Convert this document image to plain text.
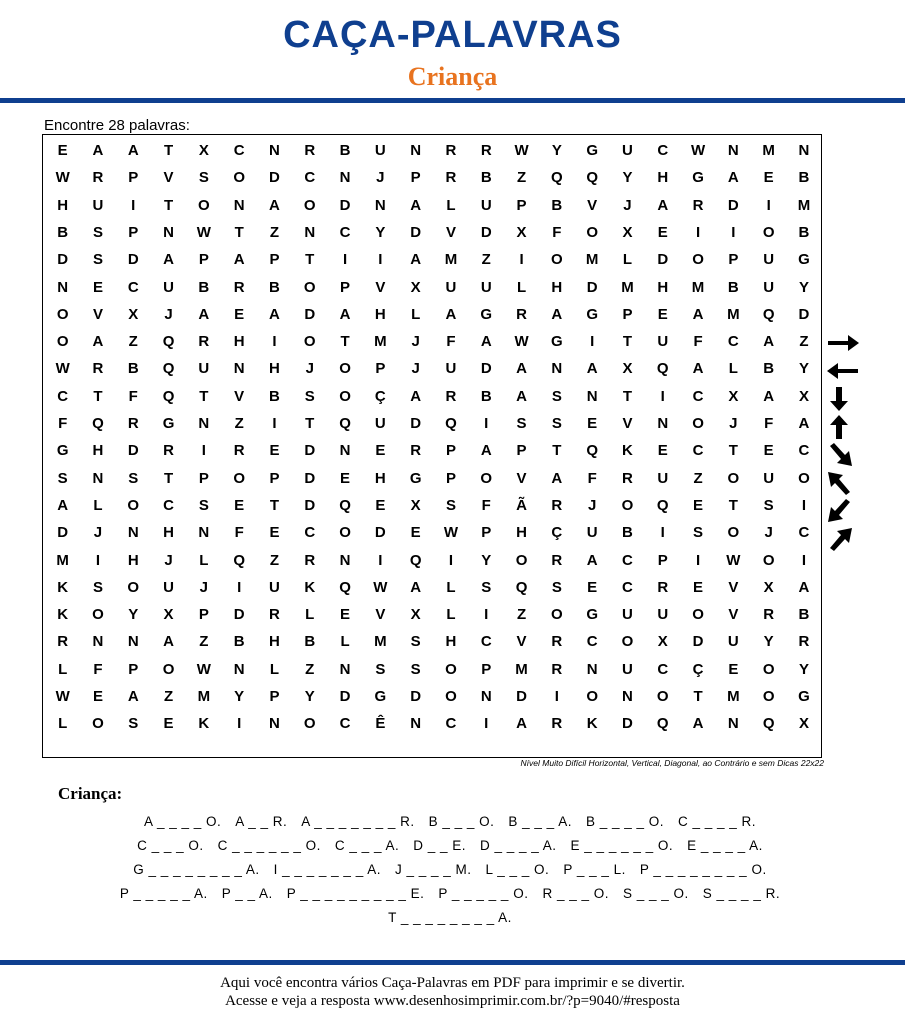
CAÇA-PALAVRAS
Criança
Encontre 28 palavras:
E	A	A	T	X	C	N	R	B	U	N	R	R	W	Y	G	U	C	W	N	M	N
W	R	P	V	S	O	D	C	N	J	P	R	B	Z	Q	Q	Y	H	G	A	E	B
H	U	I	T	O	N	A	O	D	N	A	L	U	P	B	V	J	A	R	D	I	M
B	S	P	N	W	T	Z	N	C	Y	D	V	D	X	F	O	X	E	I	I	O	B
D	S	D	A	P	A	P	T	I	I	A	M	Z	I	O	M	L	D	O	P	U	G
N	E	C	U	B	R	B	O	P	V	X	U	U	L	H	D	M	H	M	B	U	Y
O	V	X	J	A	E	A	D	A	H	L	A	G	R	A	G	P	E	A	M	Q	D
O	A	Z	Q	R	H	I	O	T	M	J	F	A	W	G	I	T	U	F	C	A	Z
W	R	B	Q	U	N	H	J	O	P	J	U	D	A	N	A	X	Q	A	L	B	Y
C	T	F	Q	T	V	B	S	O	Ç	A	R	B	A	S	N	T	I	C	X	A	X
F	Q	R	G	N	Z	I	T	Q	U	D	Q	I	S	S	E	V	N	O	J	F	A
G	H	D	R	I	R	E	D	N	E	R	P	A	P	T	Q	K	E	C	T	E	C
S	N	S	T	P	O	P	D	E	H	G	P	O	V	A	F	R	U	Z	O	U	O
A	L	O	C	S	E	T	D	Q	E	X	S	F	Ã	R	J	O	Q	E	T	S	I
D	J	N	H	N	F	E	C	O	D	E	W	P	H	Ç	U	B	I	S	O	J	C
M	I	H	J	L	Q	Z	R	N	I	Q	I	Y	O	R	A	C	P	I	W	O	I
K	S	O	U	J	I	U	K	Q	W	A	L	S	Q	S	E	C	R	E	V	X	A
K	O	Y	X	P	D	R	L	E	V	X	L	I	Z	O	G	U	U	O	V	R	B
R	N	N	A	Z	B	H	B	L	M	S	H	C	V	R	C	O	X	D	U	Y	R
L	F	P	O	W	N	L	Z	N	S	S	O	P	M	R	N	U	C	Ç	E	O	Y
W	E	A	Z	M	Y	P	Y	D	G	D	O	N	D	I	O	N	O	T	M	O	G
L	O	S	E	K	I	N	O	C	Ê	N	C	I	A	R	K	D	Q	A	N	Q	X
Nível Muito Difícil Horizontal, Vertical, Diagonal, ao Contrário e sem Dicas 22x22
Criança:
A _ _ _ _ O. A _ _ R. A _ _ _ _ _ _ _ R. B _ _ _ O. B _ _ _ A. B _ _ _ _ O. C _ _ _ _ R.
C _ _ _ O. C _ _ _ _ _ _ O. C _ _ _ A. D _ _ E. D _ _ _ _ A. E _ _ _ _ _ _ O. E _ _ _ _ A.
G _ _ _ _ _ _ _ _ A. I _ _ _ _ _ _ _ A. J _ _ _ _ M. L _ _ _ O. P _ _ _ L. P _ _ _ _ _ _ _ _ O.
P _ _ _ _ _ A. P _ _ A. P _ _ _ _ _ _ _ _ _ E. P _ _ _ _ _ O. R _ _ _ O. S _ _ _ O. S _ _ _ _ R.
T _ _ _ _ _ _ _ _ A.
Aqui você encontra vários Caça-Palavras em PDF para imprimir e se divertir.
Acesse e veja a resposta www.desenhosimprimir.com.br/?p=9040/#resposta
